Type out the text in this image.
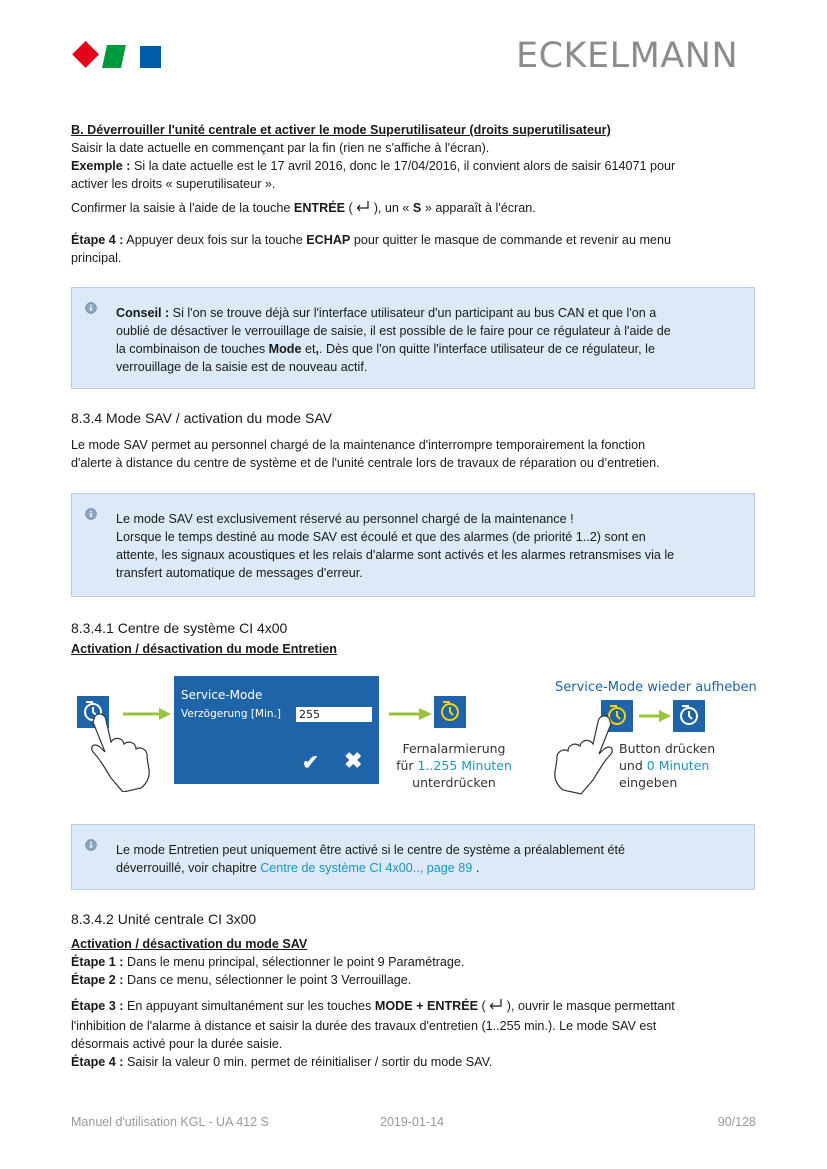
ECKELMANN

B. Déverrouiller l'unité centrale et activer le mode Superutilisateur (droits superutilisateur)

Saisir la date actuelle en commençant par la fin (rien ne s'affiche à l'écran).

Exemple : Si la date actuelle est le 17 avril 2016, donc le 17/04/2016, il convient alors de saisir 614071 pour

activer les droits « superutilisateur ».

Confirmer la saisie à l'aide de la touche ENTRÉE (  ), un « S » apparaît à l'écran.

Étape 4 : Appuyer deux fois sur la touche ECHAP pour quitter le masque de commande et revenir au menu

principal.

Conseil : Si l'on se trouve déjà sur l'interface utilisateur d'un participant au bus CAN et que l'on a

oublié de désactiver le verrouillage de saisie, il est possible de le faire pour ce régulateur à l'aide de

la combinaison de touches Mode et,. Dès que l'on quitte l'interface utilisateur de ce régulateur, le

verrouillage de la saisie est de nouveau actif.

8.3.4 Mode SAV / activation du mode SAV

Le mode SAV permet au personnel chargé de la maintenance d'interrompre temporairement la fonction

d'alerte à distance du centre de système et de l'unité centrale lors de travaux de réparation ou d’entretien.

Le mode SAV est exclusivement réservé au personnel chargé de la maintenance !

Lorsque le temps destiné au mode SAV est écoulé et que des alarmes (de priorité 1..2) sont en

attente, les signaux acoustiques et les relais d'alarme sont activés et les alarmes retransmises via le

transfert automatique de messages d'erreur.

8.3.4.1 Centre de système CI 4x00

Activation / désactivation du mode Entretien

Service-Mode
Verzögerung [Min.] 255
✔ ✖	Fernalarmierung
für 1..255 Minuten
unterdrücken
Service-Mode wieder aufheben
Button drücken
und 0 Minuten
eingeben

Le mode Entretien peut uniquement être activé si le centre de système a préalablement été

déverrouillé, voir chapitre Centre de système CI 4x00.., page 89 .

8.3.4.2 Unité centrale CI 3x00

Activation / désactivation du mode SAV

Étape 1 : Dans le menu principal, sélectionner le point 9 Paramétrage.

Étape 2 : Dans ce menu, sélectionner le point 3 Verrouillage.

Étape 3 : En appuyant simultanément sur les touches MODE + ENTRÉE (  ), ouvrir le masque permettant

l'inhibition de l'alarme à distance et saisir la durée des travaux d'entretien (1..255 min.). Le mode SAV est

désormais activé pour la durée saisie.

Étape 4 : Saisir la valeur 0 min. permet de réinitialiser / sortir du mode SAV.

Manuel d'utilisation KGL - UA 412 S	2019-01-14	90/128
